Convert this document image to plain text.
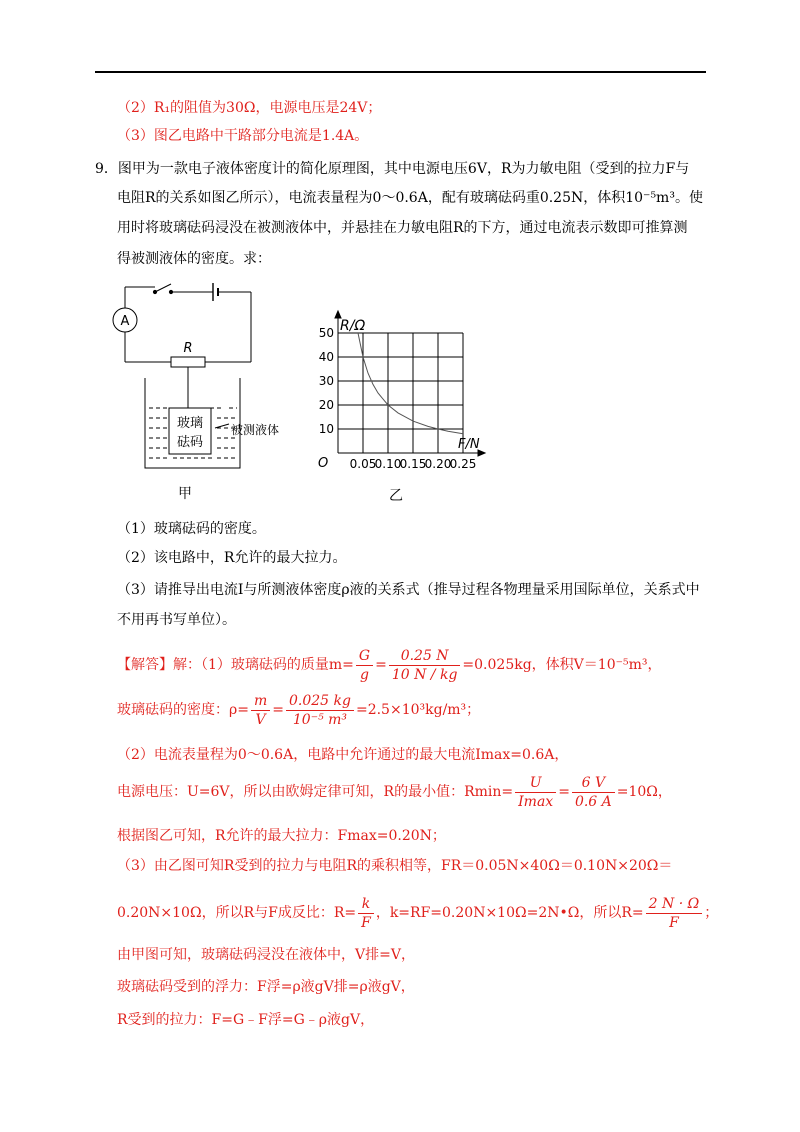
（2）R₁的阻值为30Ω，电源电压是24V；
（3）图乙电路中干路部分电流是1.4A。
9．图甲为一款电子液体密度计的简化原理图，其中电源电压6V，R为力敏电阻（受到的拉力F与
电阻R的关系如图乙所示），电流表量程为0～0.6A，配有玻璃砝码重0.25N，体积10⁻⁵m³。使
用时将玻璃砝码浸没在被测液体中，并悬挂在力敏电阻R的下方，通过电流表示数即可推算测
得被测液体的密度。求：
A
R
玻璃
砝码
被测液体
甲
0.05
0.10
0.15
0.20
0.25
10
20
30
40
50 R/Ω
F/N
O
乙
（1）玻璃砝码的密度。
（2）该电路中，R允许的最大拉力。
（3）请推导出电流I与所测液体密度ρ液的关系式（推导过程各物理量采用国际单位，关系式中
不用再书写单位）。
【解答】解：（1）玻璃砝码的质量$m= \frac{G}{g} = \frac{0.25 N}{10 N / kg} =0.025kg$，体积V＝10⁻⁵m³，
玻璃砝码的密度：$\rho= \frac{m}{V} = \frac{0.025 kg}{\text{10⁻⁵ m³}} =2.5\times 10^3kg/m^3$；
（2）电流表量程为0～0.6A，电路中允许通过的最大电流Imax=0.6A，
电源电压：U=6V，所以由欧姆定律可知，R的最小值：$Rmin= \frac{U}{Imax} = \frac{6 V}{0.6 A} =10\Omega$，
根据图乙可知，R允许的最大拉力：Fmax=0.20N；
（3）由乙图可知R受到的拉力与电阻R的乘积相等，FR＝0.05N×40Ω＝0.10N×20Ω＝
0.20N×10Ω，所以R与F成反比：$R= \frac{k}{F}$ ，k=RF=0.20N×10Ω=2N•Ω，所以$R= \frac{2 N \cdot \Omega}{F}$ ；
由甲图可知，玻璃砝码浸没在液体中，V排=V，
玻璃砝码受到的浮力：F浮=ρ液gV排=ρ液gV，
R受到的拉力：F=G﹣F浮=G﹣ρ液gV，
